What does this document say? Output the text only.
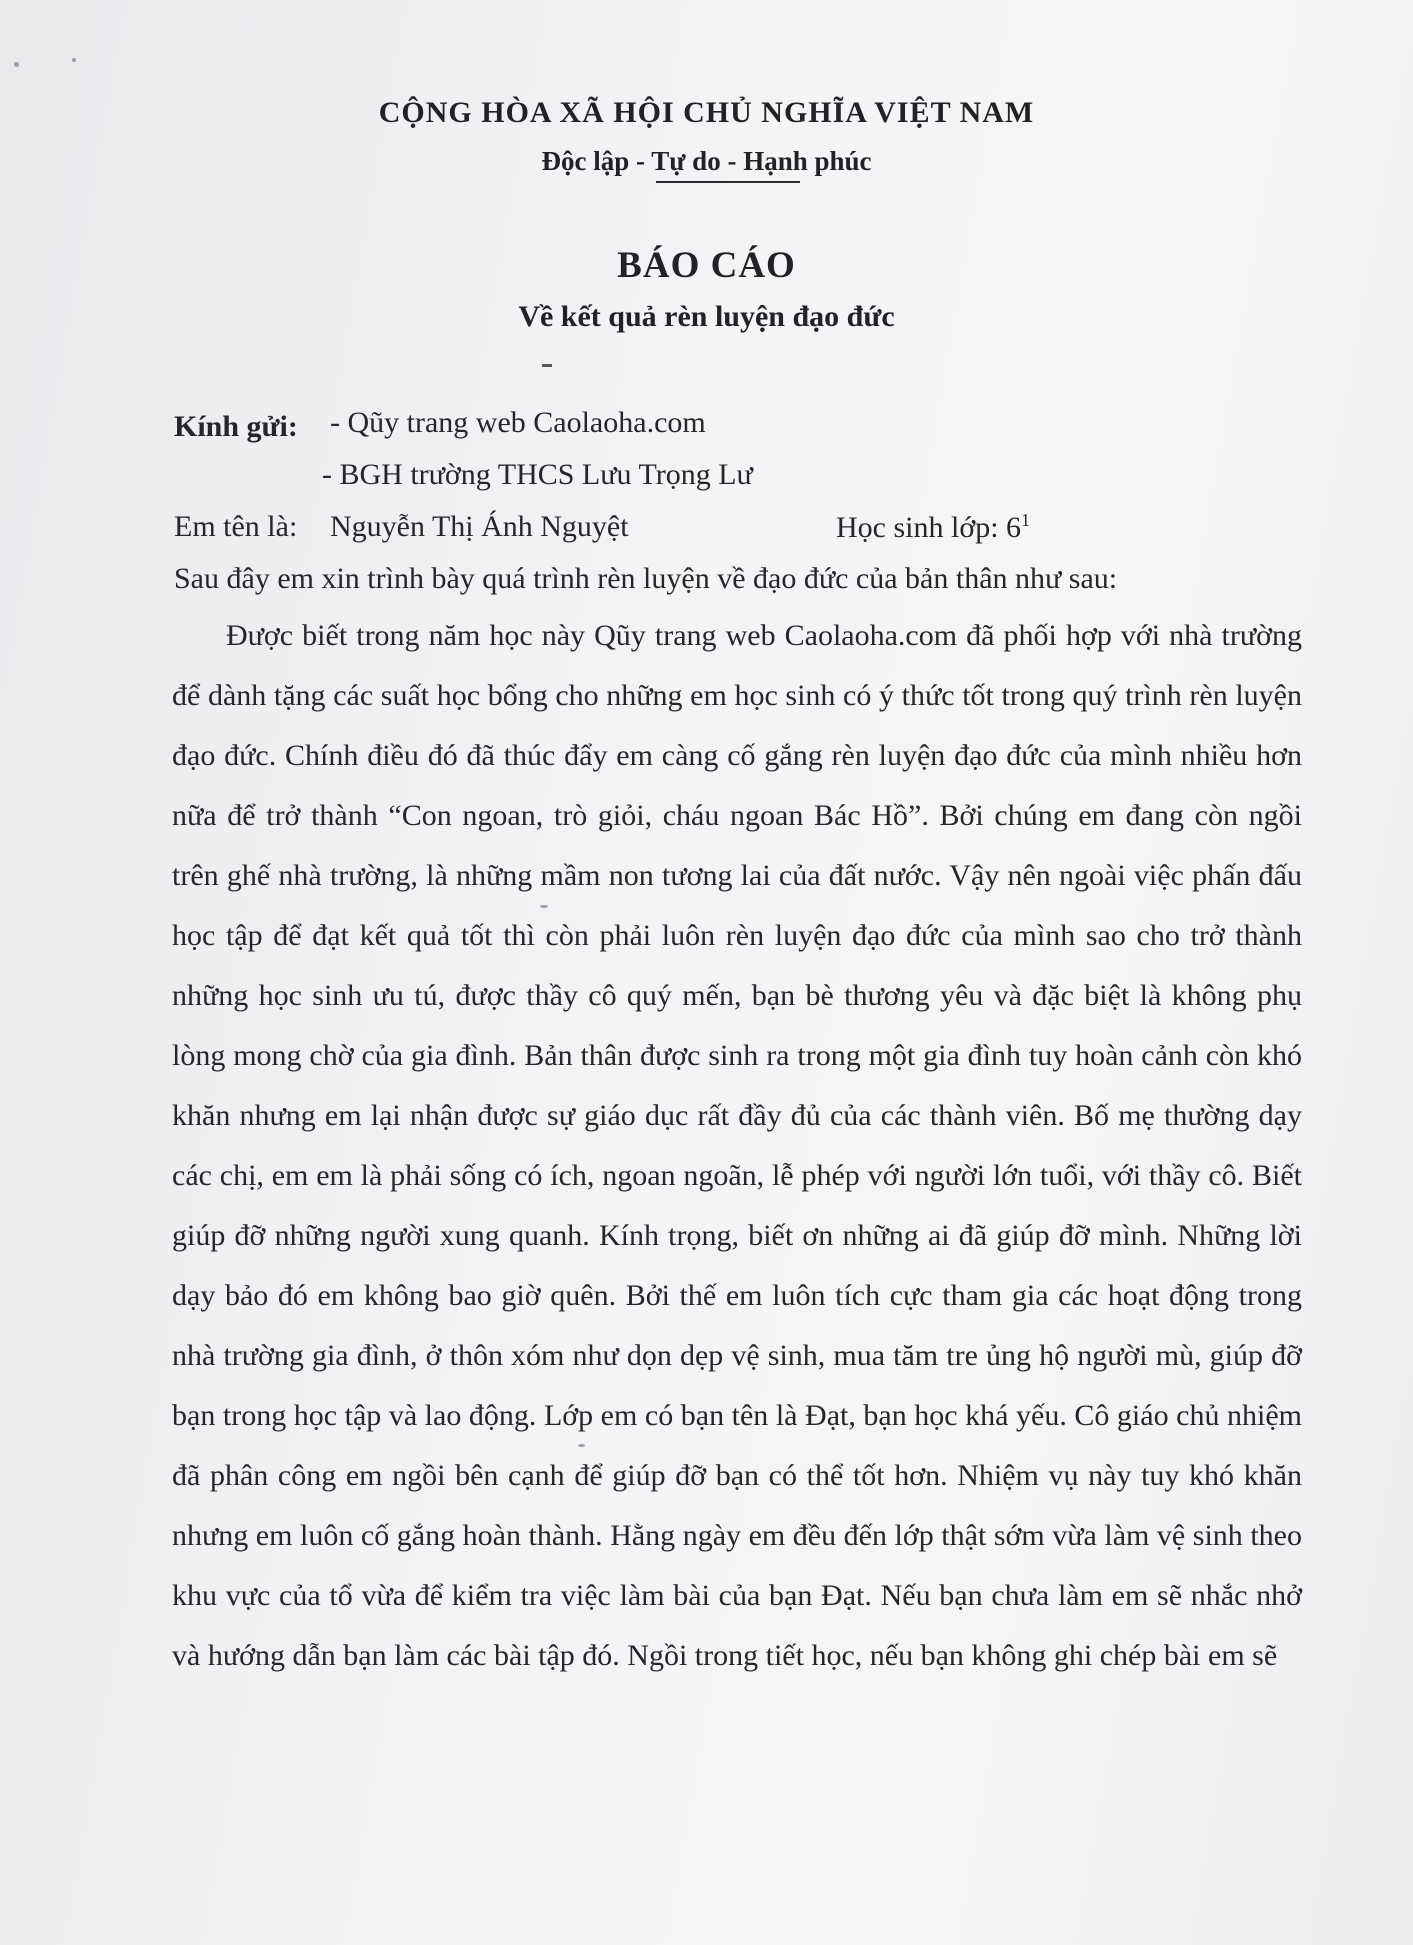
CỘNG HÒA XÃ HỘI CHỦ NGHĨA VIỆT NAM
Độc lập - Tự do - Hạnh phúc
BÁO CÁO
Về kết quả rèn luyện đạo đức
Kính gửi: - Qũy trang web Caolaoha.com
- BGH trường THCS Lưu Trọng Lư
Em tên là: Nguyễn Thị Ánh Nguyệt	Học sinh lớp: $6^1$
Sau đây em xin trình bày quá trình rèn luyện về đạo đức của bản thân như sau:

Được biết trong năm học này Qũy trang web Caolaoha.com đã phối hợp với nhà trường để dành tặng các suất học bổng cho những em học sinh có ý thức tốt trong quý trình rèn luyện đạo đức. Chính điều đó đã thúc đẩy em càng cố gắng rèn luyện đạo đức của mình nhiều hơn nữa để trở thành “Con ngoan, trò giỏi, cháu ngoan Bác Hồ”. Bởi chúng em đang còn ngồi trên ghế nhà trường, là những mầm non tương lai của đất nước. Vậy nên ngoài việc phấn đấu học tập để đạt kết quả tốt thì còn phải luôn rèn luyện đạo đức của mình sao cho trở thành những học sinh ưu tú, được thầy cô quý mến, bạn bè thương yêu và đặc biệt là không phụ lòng mong chờ của gia đình. Bản thân được sinh ra trong một gia đình tuy hoàn cảnh còn khó khăn nhưng em lại nhận được sự giáo dục rất đầy đủ của các thành viên. Bố mẹ thường dạy các chị, em em là phải sống có ích, ngoan ngoãn, lễ phép với người lớn tuổi, với thầy cô. Biết giúp đỡ những người xung quanh. Kính trọng, biết ơn những ai đã giúp đỡ mình. Những lời dạy bảo đó em không bao giờ quên. Bởi thế em luôn tích cực tham gia các hoạt động trong nhà trường gia đình, ở thôn xóm như dọn dẹp vệ sinh, mua tăm tre ủng hộ người mù, giúp đỡ bạn trong học tập và lao động. Lớp em có bạn tên là Đạt, bạn học khá yếu. Cô giáo chủ nhiệm đã phân công em ngồi bên cạnh để giúp đỡ bạn có thể tốt hơn. Nhiệm vụ này tuy khó khăn nhưng em luôn cố gắng hoàn thành. Hằng ngày em đều đến lớp thật sớm vừa làm vệ sinh theo khu vực của tổ vừa để kiểm tra việc làm bài của bạn Đạt. Nếu bạn chưa làm em sẽ nhắc nhở và hướng dẫn bạn làm các bài tập đó. Ngồi trong tiết học, nếu bạn không ghi chép bài em sẽ
